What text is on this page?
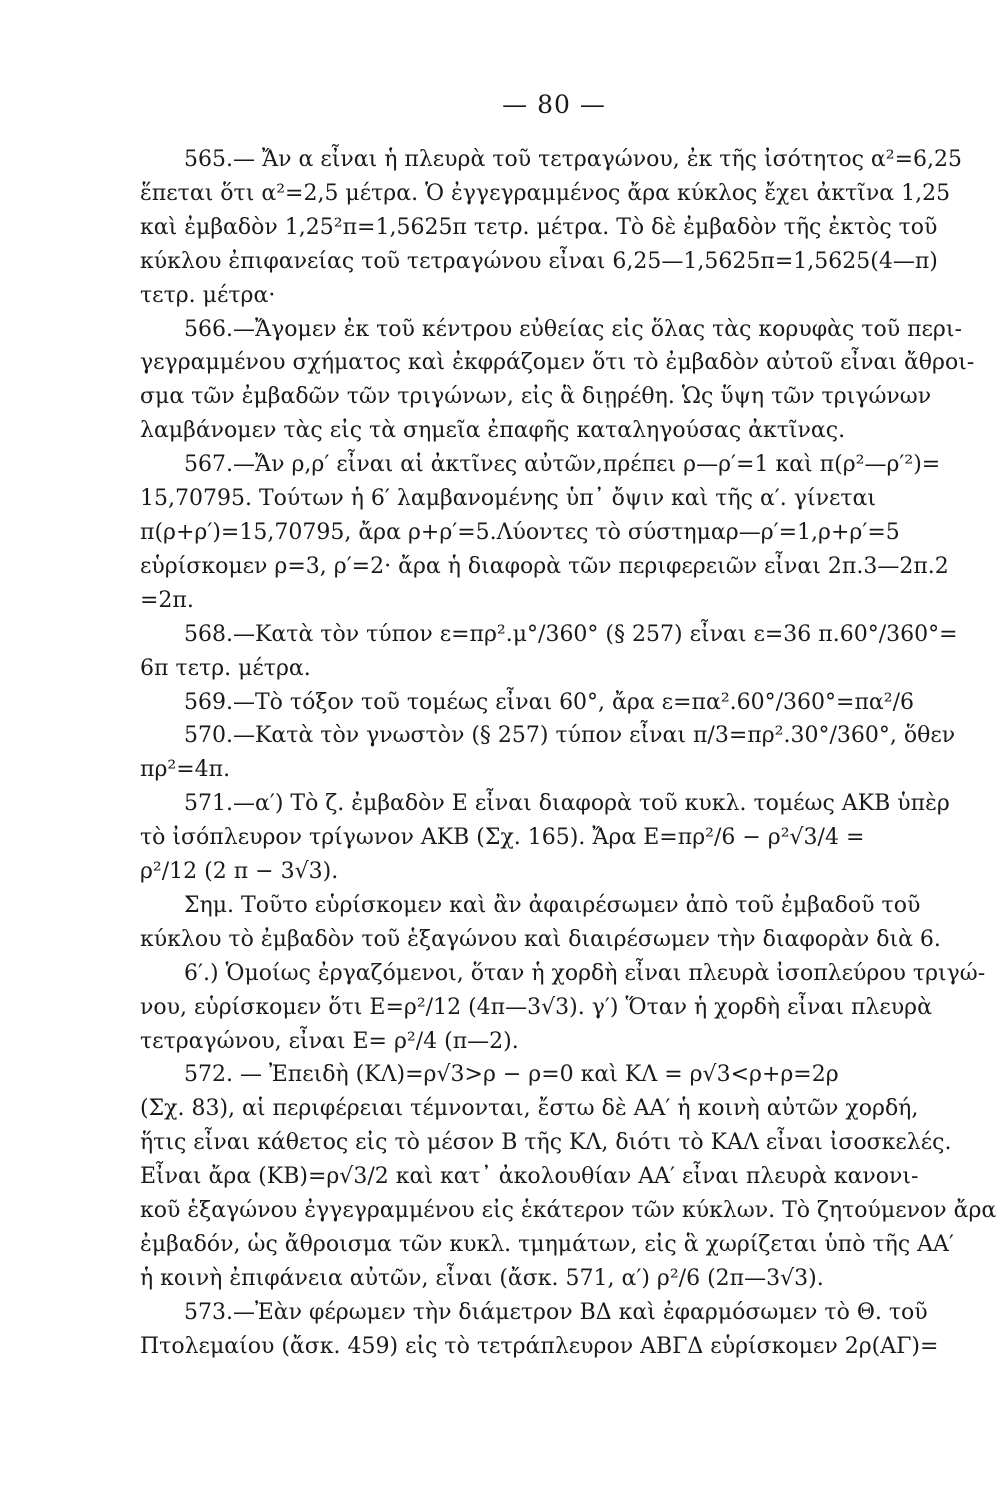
— 80 —
565.— Ἄν α εἶναι ἡ πλευρὰ τοῦ τετραγώνου, ἐκ τῆς ἰσότητος α²=6,25
ἕπεται ὅτι α²=2,5 μέτρα. Ὁ ἐγγεγραμμένος ἄρα κύκλος ἔχει ἀκτῖνα 1,25
καὶ ἐμβαδὸν 1,25²π=1,5625π τετρ. μέτρα. Τὸ δὲ ἐμβαδὸν τῆς ἐκτὸς τοῦ
κύκλου ἐπιφανείας τοῦ τετραγώνου εἶναι 6,25—1,5625π=1,5625(4—π)
τετρ. μέτρα·
566.—Ἄγομεν ἐκ τοῦ κέντρου εὐθείας εἰς ὅλας τὰς κορυφὰς τοῦ περι-
γεγραμμένου σχήματος καὶ ἐκφράζομεν ὅτι τὸ ἐμβαδὸν αὐτοῦ εἶναι ἄθροι-
σμα τῶν ἐμβαδῶν τῶν τριγώνων, εἰς ἃ διῃρέθη. Ὡς ὕψη τῶν τριγώνων
λαμβάνομεν τὰς εἰς τὰ σημεῖα ἐπαφῆς καταληγούσας ἀκτῖνας.
567.—Ἄν ρ,ρ′ εἶναι αἱ ἀκτῖνες αὐτῶν,πρέπει ρ—ρ′=1 καὶ π(ρ²—ρ′²)=
15,70795. Τούτων ἡ 6′ λαμβανομένης ὑπ᾽ ὄψιν καὶ τῆς α′. γίνεται
π(ρ+ρ′)=15,70795, ἄρα ρ+ρ′=5.Λύοντες τὸ σύστημαρ—ρ′=1,ρ+ρ′=5
εὑρίσκομεν ρ=3, ρ′=2· ἄρα ἡ διαφορὰ τῶν περιφερειῶν εἶναι 2π.3—2π.2
=2π.
568.—Κατὰ τὸν τύπον ε=πρ².μ°/360° (§ 257) εἶναι ε=36 π.60°/360°=
6π τετρ. μέτρα.
569.—Τὸ τόξον τοῦ τομέως εἶναι 60°, ἄρα ε=πα².60°/360°=πα²/6
570.—Κατὰ τὸν γνωστὸν (§ 257) τύπον εἶναι π/3=πρ².30°/360°, ὅθεν
πρ²=4π.
571.—α′) Τὸ ζ. ἐμβαδὸν Ε εἶναι διαφορὰ τοῦ κυκλ. τομέως ΑΚΒ ὑπὲρ
τὸ ἰσόπλευρον τρίγωνον ΑΚΒ (Σχ. 165). Ἄρα Ε=πρ²/6 − ρ²√3/4 =
ρ²/12 (2 π − 3√3).
Σημ. Τοῦτο εὑρίσκομεν καὶ ἂν ἀφαιρέσωμεν ἀπὸ τοῦ ἐμβαδοῦ τοῦ
κύκλου τὸ ἐμβαδὸν τοῦ ἑξαγώνου καὶ διαιρέσωμεν τὴν διαφορὰν διὰ 6.
6′.) Ὁμοίως ἐργαζόμενοι, ὅταν ἡ χορδὴ εἶναι πλευρὰ ἰσοπλεύρου τριγώ-
νου, εὑρίσκομεν ὅτι Ε=ρ²/12 (4π—3√3). γ′) Ὅταν ἡ χορδὴ εἶναι πλευρὰ
τετραγώνου, εἶναι Ε= ρ²/4 (π—2).
572. — Ἐπειδὴ (ΚΛ)=ρ√3>ρ − ρ=0 καὶ ΚΛ = ρ√3<ρ+ρ=2ρ
(Σχ. 83), αἱ περιφέρειαι τέμνονται, ἔστω δὲ ΑΑ′ ἡ κοινὴ αὐτῶν χορδή,
ἥτις εἶναι κάθετος εἰς τὸ μέσον Β τῆς ΚΛ, διότι τὸ ΚΑΛ εἶναι ἰσοσκελές.
Εἶναι ἄρα (ΚΒ)=ρ√3/2 καὶ κατ᾽ ἀκολουθίαν ΑΑ′ εἶναι πλευρὰ κανονι-
κοῦ ἑξαγώνου ἐγγεγραμμένου εἰς ἑκάτερον τῶν κύκλων. Τὸ ζητούμενον ἄρα
ἐμβαδόν, ὡς ἄθροισμα τῶν κυκλ. τμημάτων, εἰς ἃ χωρίζεται ὑπὸ τῆς ΑΑ′
ἡ κοινὴ ἐπιφάνεια αὐτῶν, εἶναι (ἄσκ. 571, α′) ρ²/6 (2π—3√3).
573.—Ἐὰν φέρωμεν τὴν διάμετρον ΒΔ καὶ ἐφαρμόσωμεν τὸ Θ. τοῦ
Πτολεμαίου (ἄσκ. 459) εἰς τὸ τετράπλευρον ΑΒΓΔ εὑρίσκομεν 2ρ(ΑΓ)=
